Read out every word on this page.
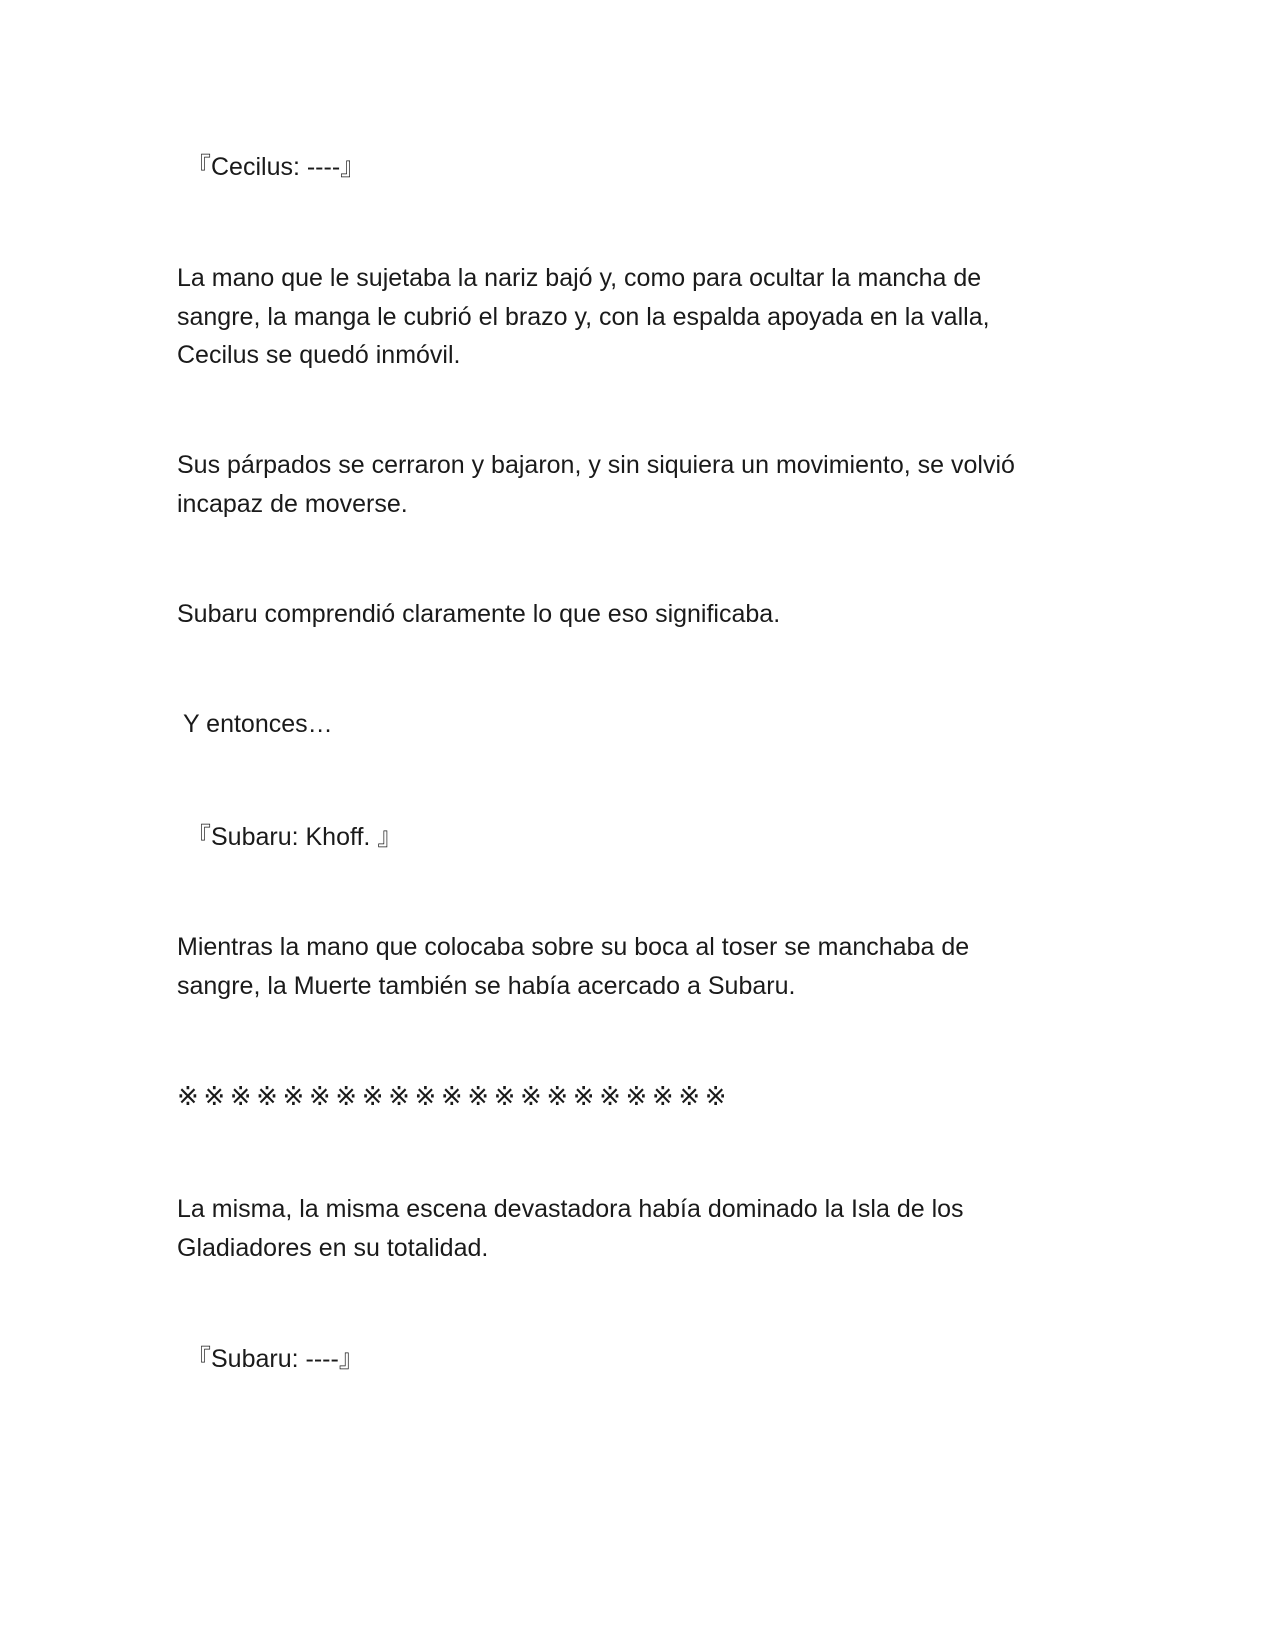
『Cecilus: ----』

La mano que le sujetaba la nariz bajó y, como para ocultar la mancha de
sangre, la manga le cubrió el brazo y, con la espalda apoyada en la valla,
Cecilus se quedó inmóvil.

Sus párpados se cerraron y bajaron, y sin siquiera un movimiento, se volvió
incapaz de moverse.

Subaru comprendió claramente lo que eso significaba.

Y entonces…

『Subaru: Khoff. 』

Mientras la mano que colocaba sobre su boca al toser se manchaba de
sangre, la Muerte también se había acercado a Subaru.

※※※※※※※※※※※※※※※※※※※※※

La misma, la misma escena devastadora había dominado la Isla de los
Gladiadores en su totalidad.

『Subaru: ----』
